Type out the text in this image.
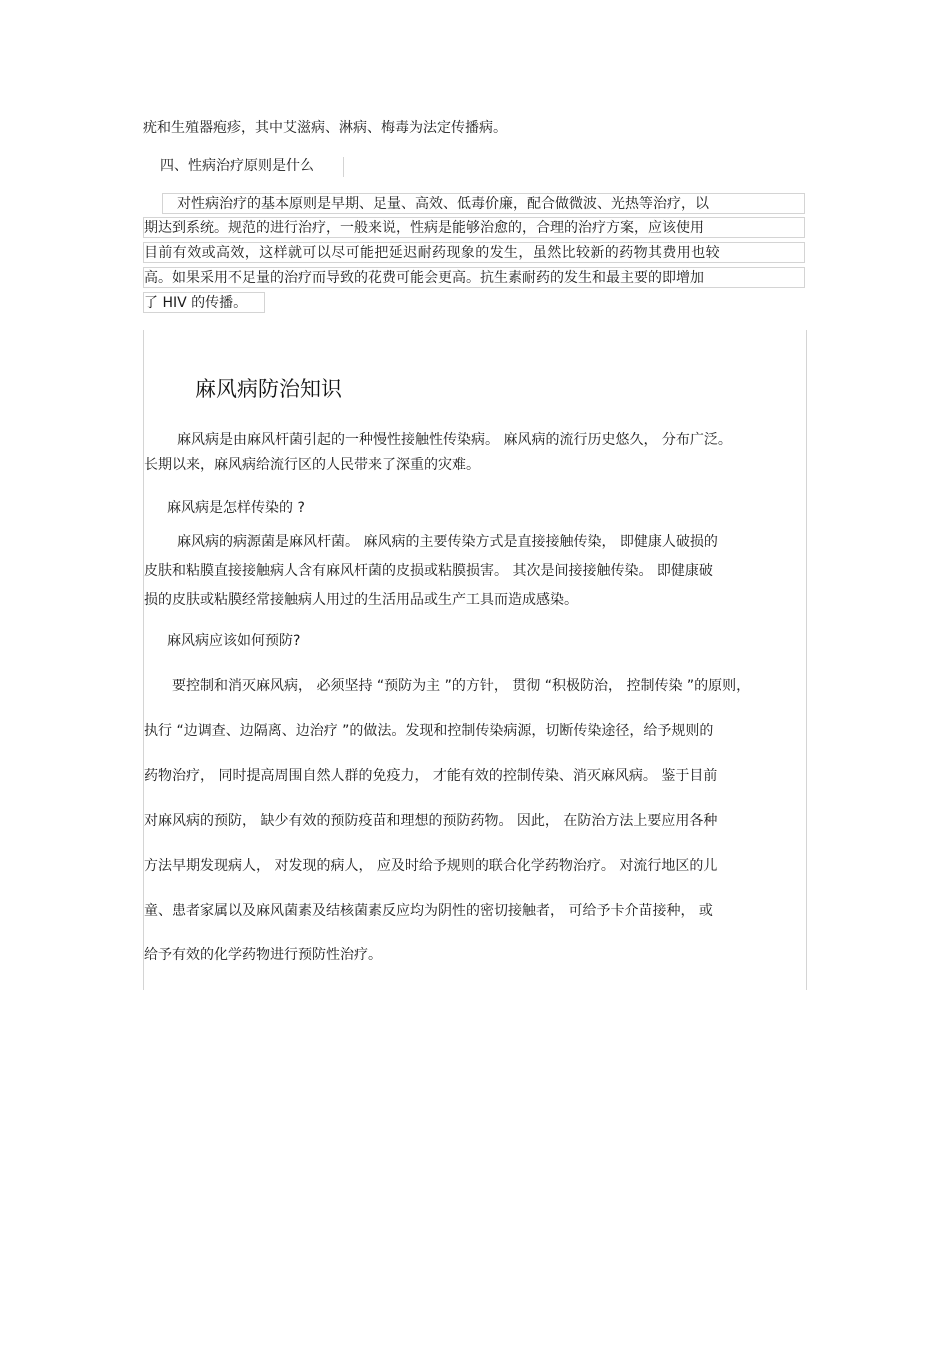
疣和生殖器疱疹，其中艾滋病、淋病、梅毒为法定传播病。
四、性病治疗原则是什么
对性病治疗的基本原则是早期、足量、高效、低毒价廉，配合做微波、光热等治疗，以
期达到系统。规范的进行治疗，一般来说，性病是能够治愈的，合理的治疗方案，应该使用
目前有效或高效，这样就可以尽可能把延迟耐药现象的发生，虽然比较新的药物其费用也较
高。如果采用不足量的治疗而导致的花费可能会更高。抗生素耐药的发生和最主要的即增加
了 HIV 的传播。
麻风病防治知识
麻风病是由麻风杆菌引起的一种慢性接触性传染病。 麻风病的流行历史悠久， 分布广泛。
长期以来，麻风病给流行区的人民带来了深重的灾难。
麻风病是怎样传染的 ?
麻风病的病源菌是麻风杆菌。 麻风病的主要传染方式是直接接触传染， 即健康人破损的
皮肤和粘膜直接接触病人含有麻风杆菌的皮损或粘膜损害。 其次是间接接触传染。 即健康破
损的皮肤或粘膜经常接触病人用过的生活用品或生产工具而造成感染。
麻风病应该如何预防?
要控制和消灭麻风病， 必须坚持 “预防为主 ”的方针， 贯彻 “积极防治， 控制传染 ”的原则，
执行 “边调查、边隔离、边治疗 ”的做法。发现和控制传染病源，切断传染途径，给予规则的
药物治疗， 同时提高周围自然人群的免疫力， 才能有效的控制传染、消灭麻风病。 鉴于目前
对麻风病的预防， 缺少有效的预防疫苗和理想的预防药物。 因此， 在防治方法上要应用各种
方法早期发现病人， 对发现的病人， 应及时给予规则的联合化学药物治疗。 对流行地区的儿
童、患者家属以及麻风菌素及结核菌素反应均为阴性的密切接触者， 可给予卡介苗接种， 或
给予有效的化学药物进行预防性治疗。
